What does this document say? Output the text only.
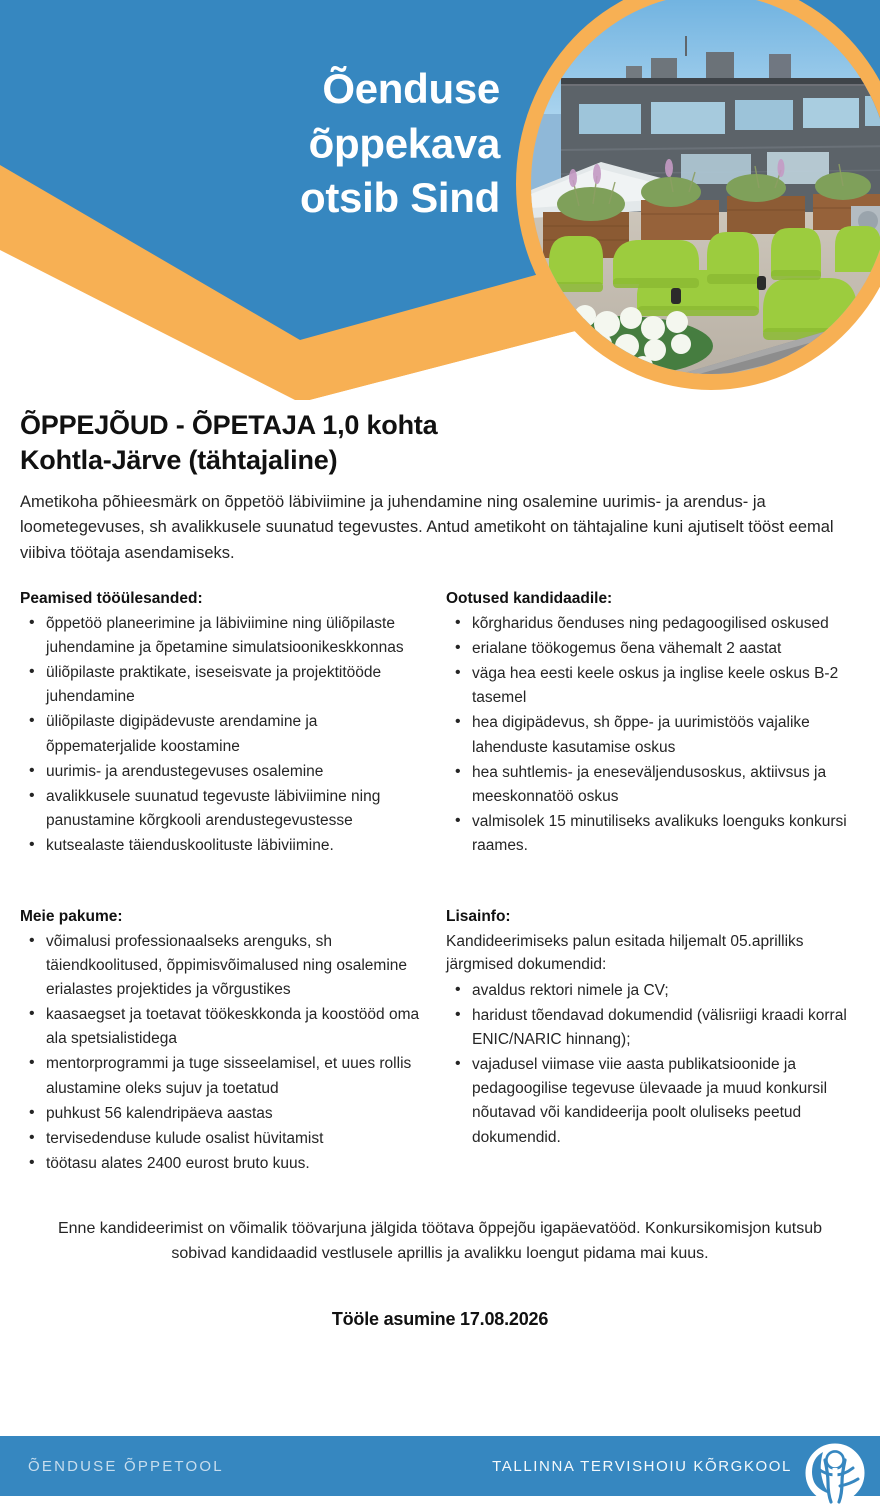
Õenduse
õppekava
otsib Sind
ÕPPEJÕUD - ÕPETAJA 1,0 kohta
Kohtla-Järve (tähtajaline)

Ametikoha põhieesmärk on õppetöö läbiviimine ja juhendamine ning osalemine uurimis- ja arendus- ja loometegevuses, sh avalikkusele suunatud tegevustes. Antud ametikoht on tähtajaline kuni ajutiselt tööst eemal viibiva töötaja asendamiseks.

Peamised tööülesanded:
• õppetöö planeerimine ja läbiviimine ning üliõpilaste juhendamine ja õpetamine simulatsioonikeskkonnas
• üliõpilaste praktikate, iseseisvate ja projektitööde juhendamine
• üliõpilaste digipädevuste arendamine ja õppematerjalide koostamine
• uurimis- ja arendustegevuses osalemine
• avalikkusele suunatud tegevuste läbiviimine ning panustamine kõrgkooli arendustegevustesse
• kutsealaste täienduskoolituste läbiviimine.
Ootused kandidaadile:
• kõrgharidus õenduses ning pedagoogilised oskused
• erialane töökogemus õena vähemalt 2 aastat
• väga hea eesti keele oskus ja inglise keele oskus B-2 tasemel
• hea digipädevus, sh õppe- ja uurimistöös vajalike lahenduste kasutamise oskus
• hea suhtlemis- ja eneseväljendusoskus, aktiivsus ja meeskonnatöö oskus
• valmisolek 15 minutiliseks avalikuks loenguks konkursi raames.
Meie pakume:
• võimalusi professionaalseks arenguks, sh täiendkoolitused, õppimisvõimalused ning osalemine erialastes projektides ja võrgustikes
• kaasaegset ja toetavat töökeskkonda ja koostööd oma ala spetsialistidega
• mentorprogrammi ja tuge sisseelamisel, et uues rollis alustamine oleks sujuv ja toetatud
• puhkust 56 kalendripäeva aastas
• tervisedenduse kulude osalist hüvitamist
• töötasu alates 2400 eurost bruto kuus.
Lisainfo:

Kandideerimiseks palun esitada hiljemalt 05.aprilliks järgmised dokumendid:

• avaldus rektori nimele ja CV;
• haridust tõendavad dokumendid (välisriigi kraadi korral ENIC/NARIC hinnang);
• vajadusel viimase viie aasta publikatsioonide ja pedagoogilise tegevuse ülevaade ja muud konkursil nõutavad või kandideerija poolt oluliseks peetud dokumendid.

Enne kandideerimist on võimalik töövarjuna jälgida töötava õppejõu igapäevatööd. Konkursikomisjon kutsub sobivad kandidaadid vestlusele aprillis ja avalikku loengut pidama mai kuus.

Tööle asumine 17.08.2026
ÕENDUSE ÕPPETOOL	TALLINNA TERVISHOIU KÕRGKOOL
